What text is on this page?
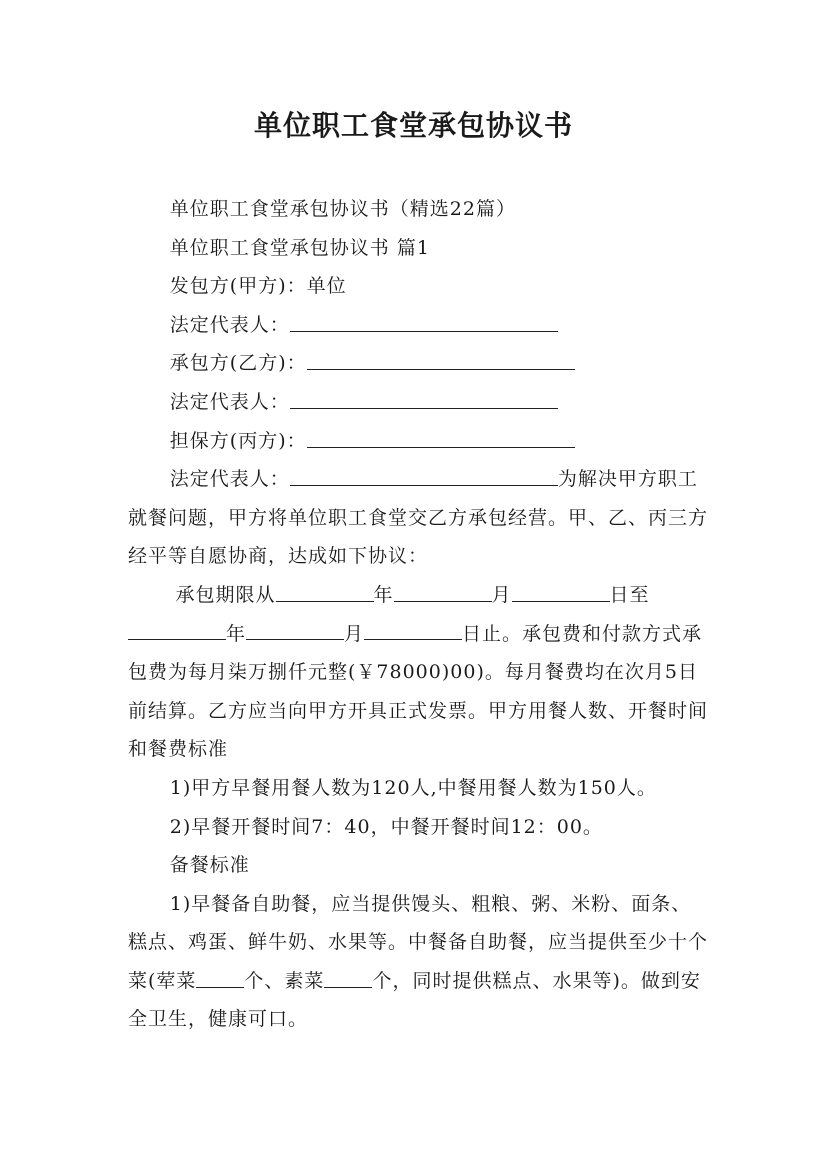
单位职工食堂承包协议书

单位职工食堂承包协议书（精选22篇）

单位职工食堂承包协议书 篇1

发包方(甲方)：单位

法定代表人：

承包方(乙方)：

法定代表人：

担保方(丙方)：

法定代表人：	为解决甲方职工就餐问题，甲方将单位职工食堂交乙方承包经营。甲、乙、丙三方经平等自愿协商，达成如下协议：

承包期限从	年	月	日至年	月	日止。承包费和付款方式承包费为每月柒万捌仟元整(￥78000)00)。每月餐费均在次月5日前结算。乙方应当向甲方开具正式发票。甲方用餐人数、开餐时间和餐费标准

1)甲方早餐用餐人数为120人,中餐用餐人数为150人。

2)早餐开餐时间7：40，中餐开餐时间12：00。

备餐标准

1)早餐备自助餐，应当提供馒头、粗粮、粥、米粉、面条、糕点、鸡蛋、鲜牛奶、水果等。中餐备自助餐，应当提供至少十个菜(荤菜	个、素菜	个，同时提供糕点、水果等)。做到安全卫生，健康可口。
